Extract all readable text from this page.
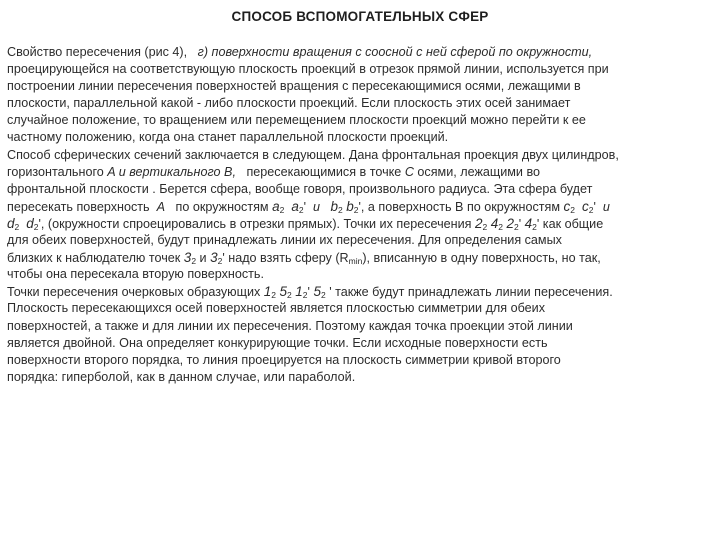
СПОСОБ ВСПОМОГАТЕЛЬНЫХ СФЕР
Свойство пересечения (рис 4), г) поверхности вращения с соосной с ней сферой по окружности,
проецирующейся на соответствующую плоскость проекций в отрезок прямой линии, используется при
построении линии пересечения поверхностей вращения с пересекающимися осями, лежащими в
плоскости, параллельной какой - либо плоскости проекций. Если плоскость этих осей занимает
случайное положение, то вращением или перемещением плоскости проекций можно перейти к ее
частному положению, когда она станет параллельной плоскости проекций.
Способ сферических сечений заключается в следующем. Дана фронтальная проекция двух цилиндров,
горизонтального A и вертикального B, пересекающимися в точке C осями, лежащими во
фронтальной плоскости . Берется сфера, вообще говоря, произвольного радиуса. Эта сфера будет
пересекать поверхность A по окружностям $a_2$ $a_2'$ и $b_2$ $b_2'$, а поверхность B по окружностям $c_2$ $c_2'$ и
$d_2$ $d_2'$, (окружности спроецировались в отрезки прямых). Точки их пересечения $2_2$ $4_2$ $2_2'$ $4_2'$ как общие
для обеих поверхностей, будут принадлежать линии их пересечения. Для определения самых
близких к наблюдателю точек $3_2$ и $3_2'$ надо взять сферу $(R_{min})$, вписанную в одну поверхность, но так,
чтобы она пересекала вторую поверхность.
Точки пересечения очерковых образующих $1_2$ $5_2$ $1_2'$ $5_2$ ' также будут принадлежать линии пересечения.
Плоскость пересекающихся осей поверхностей является плоскостью симметрии для обеих
поверхностей, а также и для линии их пересечения. Поэтому каждая точка проекции этой линии
является двойной. Она определяет конкурирующие точки. Если исходные поверхности есть
поверхности второго порядка, то линия проецируется на плоскость симметрии кривой второго
порядка: гиперболой, как в данном случае, или параболой.
